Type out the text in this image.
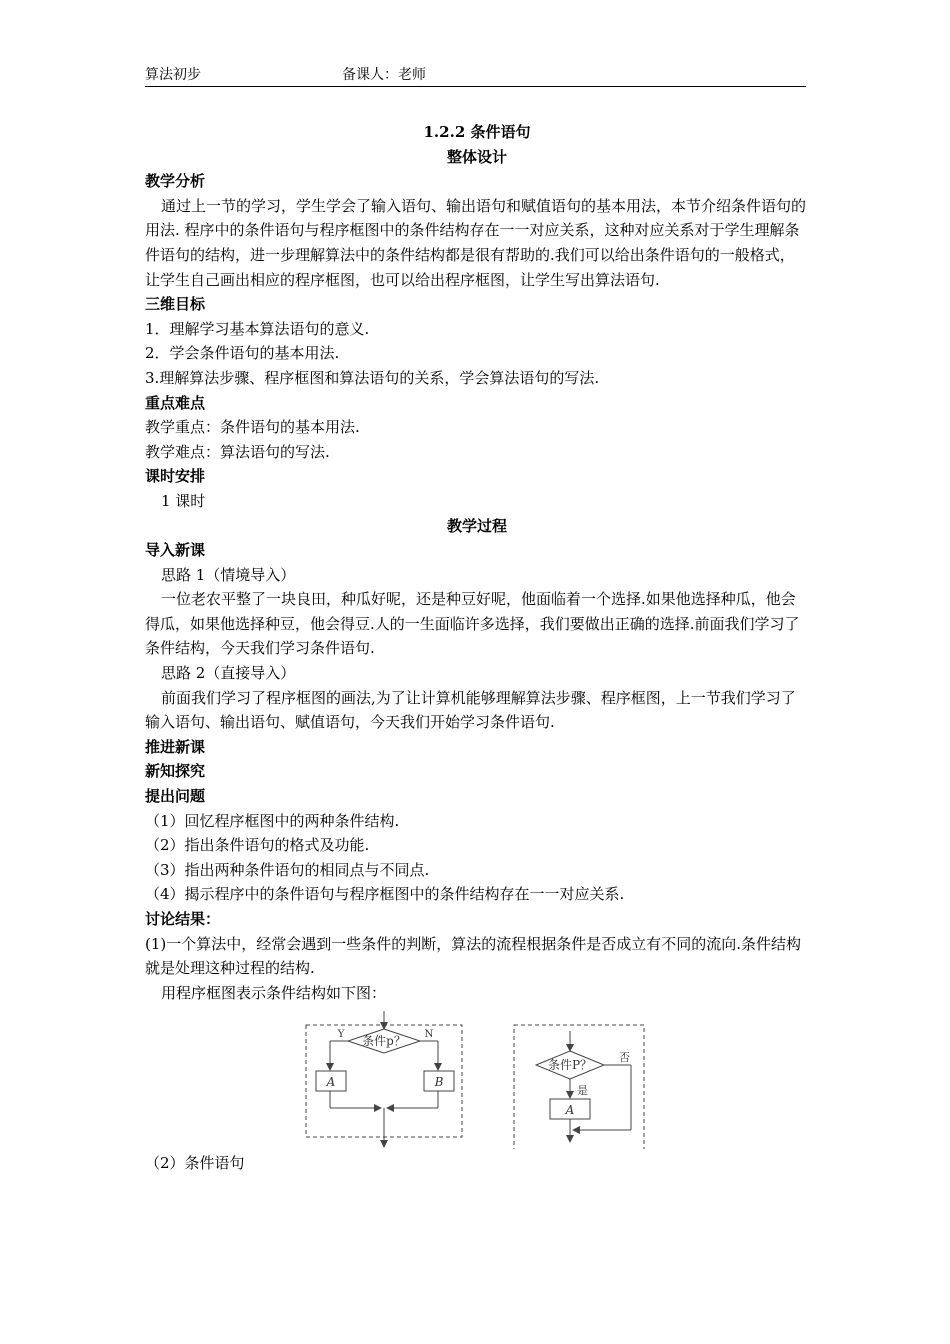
算法初步	备课人：老师
1.2.2 条件语句
整体设计
教学分析
通过上一节的学习，学生学会了输入语句、输出语句和赋值语句的基本用法，本节介绍条件语句的用法. 程序中的条件语句与程序框图中的条件结构存在一一对应关系，这种对应关系对于学生理解条件语句的结构，进一步理解算法中的条件结构都是很有帮助的.我们可以给出条件语句的一般格式，让学生自己画出相应的程序框图，也可以给出程序框图，让学生写出算法语句.
三维目标
1．理解学习基本算法语句的意义.
2．学会条件语句的基本用法.
3.理解算法步骤、程序框图和算法语句的关系，学会算法语句的写法.
重点难点
教学重点：条件语句的基本用法.
教学难点：算法语句的写法.
课时安排
1 课时
教学过程
导入新课
思路 1（情境导入）
一位老农平整了一块良田，种瓜好呢，还是种豆好呢，他面临着一个选择.如果他选择种瓜，他会得瓜，如果他选择种豆，他会得豆.人的一生面临许多选择，我们要做出正确的选择.前面我们学习了条件结构，今天我们学习条件语句.
思路 2（直接导入）
前面我们学习了程序框图的画法,为了让计算机能够理解算法步骤、程序框图，上一节我们学习了输入语句、输出语句、赋值语句，今天我们开始学习条件语句.
推进新课
新知探究
提出问题
（1）回忆程序框图中的两种条件结构.
（2）指出条件语句的格式及功能.
（3）指出两种条件语句的相同点与不同点.
（4）揭示程序中的条件语句与程序框图中的条件结构存在一一对应关系.
讨论结果：
(1)一个算法中，经常会遇到一些条件的判断，算法的流程根据条件是否成立有不同的流向.条件结构就是处理这种过程的结构.
用程序框图表示条件结构如下图：
条件p？
Y	N
A	B
条件P？
是
否
A
（2）条件语句
